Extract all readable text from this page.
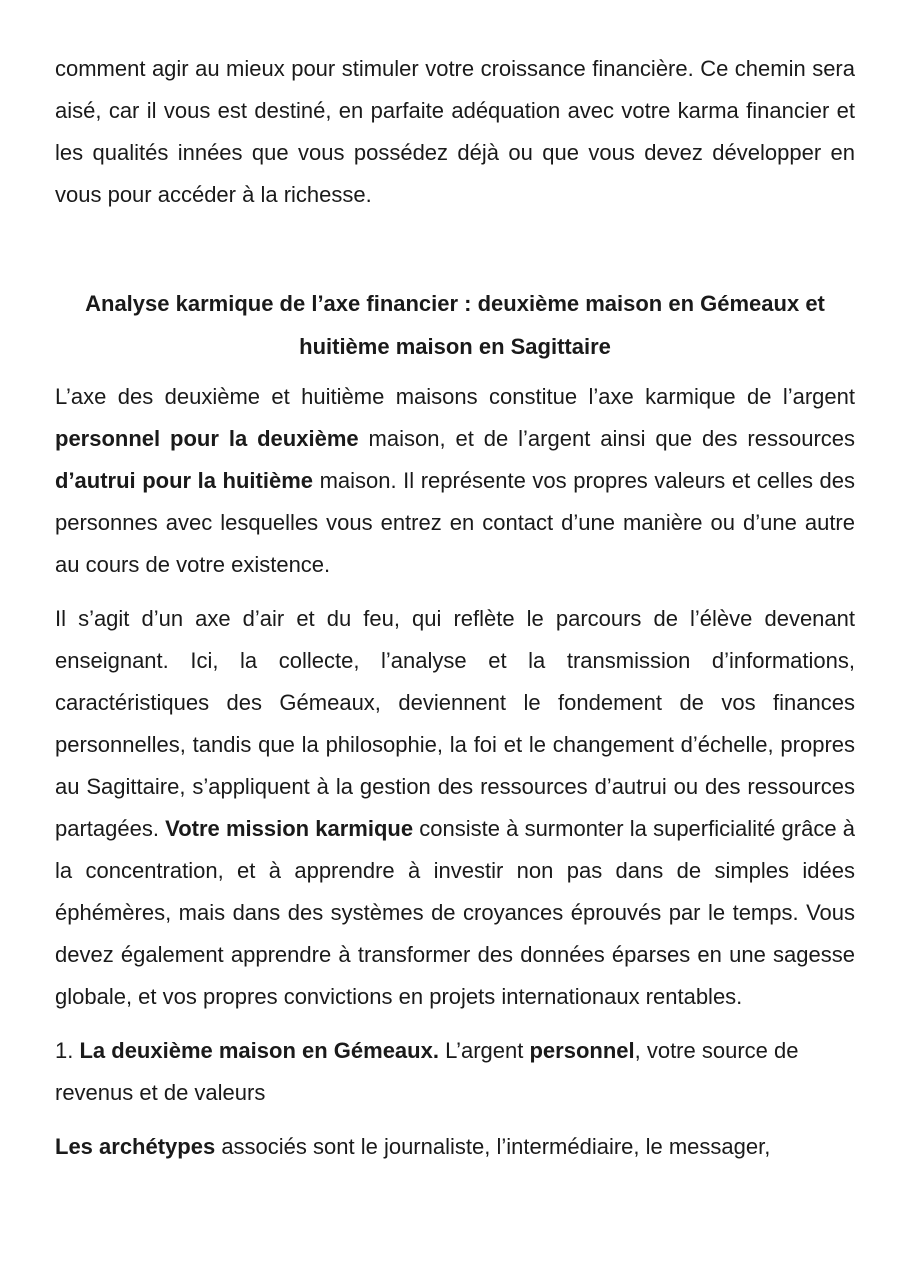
comment agir au mieux pour stimuler votre croissance financière. Ce chemin sera aisé, car il vous est destiné, en parfaite adéquation avec votre karma financier et les qualités innées que vous possédez déjà ou que vous devez développer en vous pour accéder à la richesse.

Analyse karmique de l’axe financier : deuxième maison en Gémeaux et huitième maison en Sagittaire

L’axe des deuxième et huitième maisons constitue l’axe karmique de l’argent personnel pour la deuxième maison, et de l’argent ainsi que des ressources d’autrui pour la huitième maison. Il représente vos propres valeurs et celles des personnes avec lesquelles vous entrez en contact d’une manière ou d’une autre au cours de votre existence.

Il s’agit d’un axe d’air et du feu, qui reflète le parcours de l’élève devenant enseignant. Ici, la collecte, l’analyse et la transmission d’informations, caractéristiques des Gémeaux, deviennent le fondement de vos finances personnelles, tandis que la philosophie, la foi et le changement d’échelle, propres au Sagittaire, s’appliquent à la gestion des ressources d’autrui ou des ressources partagées. Votre mission karmique consiste à surmonter la superficialité grâce à la concentration, et à apprendre à investir non pas dans de simples idées éphémères, mais dans des systèmes de croyances éprouvés par le temps. Vous devez également apprendre à transformer des données éparses en une sagesse globale, et vos propres convictions en projets internationaux rentables.

1. La deuxième maison en Gémeaux. L’argent personnel, votre source de revenus et de valeurs

Les archétypes associés sont le journaliste, l’intermédiaire, le messager,
